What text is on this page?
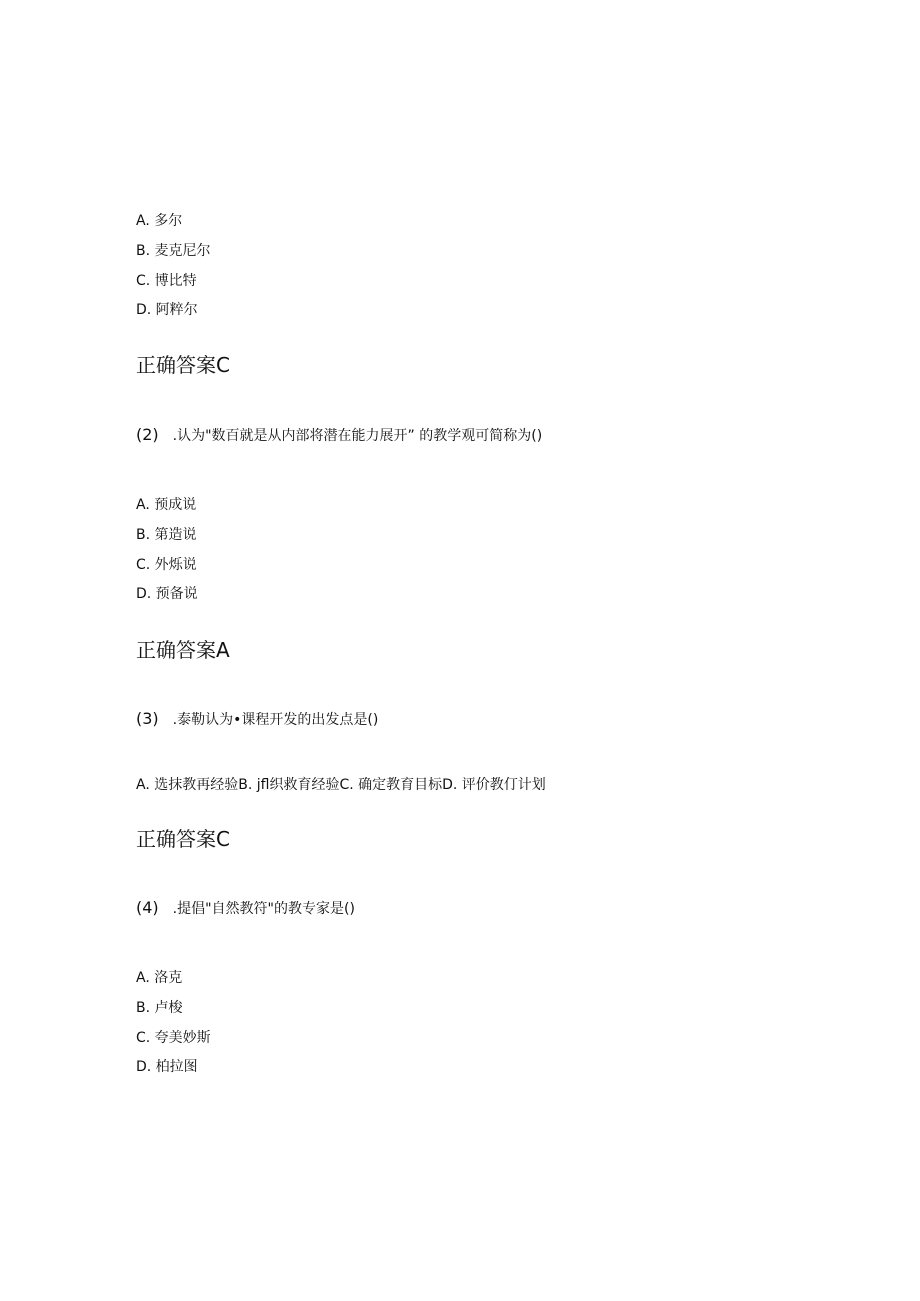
A. 多尔
B. 麦克尼尔
C. 博比特
D. 阿粹尔
正确答案C
(2) .认为"数百就是从内部将潜在能力展开” 的教学观可简称为()
A. 预成说
B. 第造说
C. 外烁说
D. 预备说
正确答案A
(3) .泰勒认为•课程开发的出发点是()
A. 选抹教再经验B. jfl织救育经验C. 确定教育目标D. 评价教仃计划
正确答案C
(4) .提倡"自然教符"的教专家是()
A. 洛克
B. 卢梭
C. 夸美妙斯
D. 柏拉图
